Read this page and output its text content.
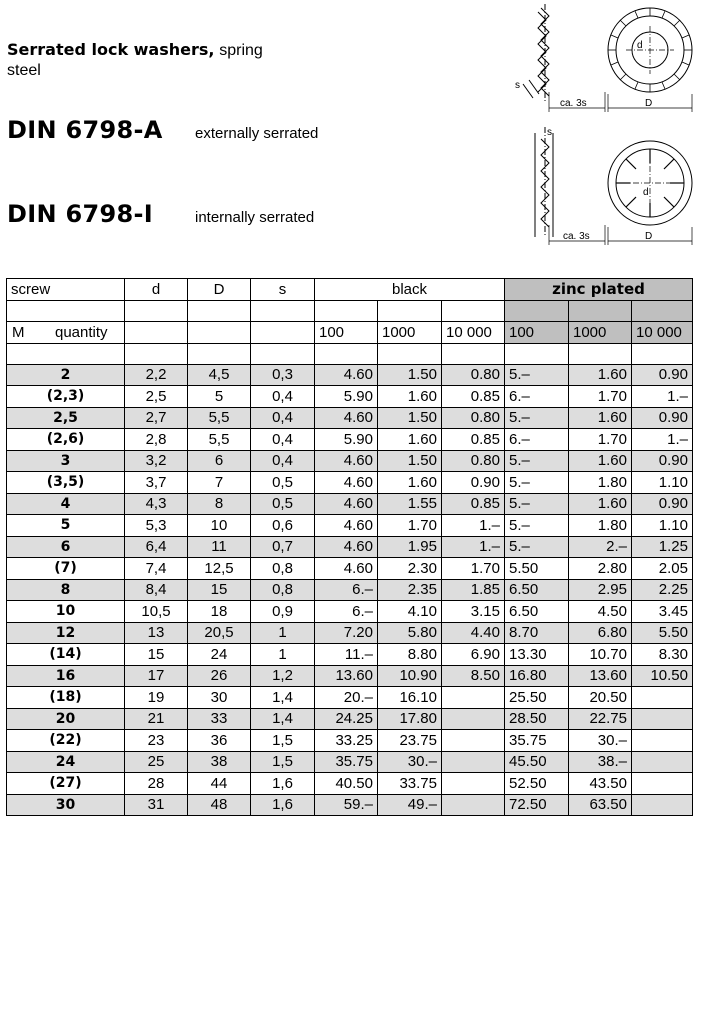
Serrated lock washers, spring
steel
DIN 6798-A externally serrated
DIN 6798-I	internally serrated
s
ca. 3s	D
d
s
ca. 3s	D
d
screw	d	D	s	black			zinc plated		

M quantity				100	1000	10 000	100	1000	10 000

2	2,2	4,5	0,3	4.60	1.50	0.80	5.–	1.60	0.90
(2,3)	2,5	5	0,4	5.90	1.60	0.85	6.–	1.70	1.–
2,5	2,7	5,5	0,4	4.60	1.50	0.80	5.–	1.60	0.90
(2,6)	2,8	5,5	0,4	5.90	1.60	0.85	6.–	1.70	1.–
3	3,2	6	0,4	4.60	1.50	0.80	5.–	1.60	0.90
(3,5)	3,7	7	0,5	4.60	1.60	0.90	5.–	1.80	1.10
4	4,3	8	0,5	4.60	1.55	0.85	5.–	1.60	0.90
5	5,3	10	0,6	4.60	1.70	1.–	5.–	1.80	1.10
6	6,4	11	0,7	4.60	1.95	1.–	5.–	2.–	1.25
(7)	7,4	12,5	0,8	4.60	2.30	1.70	5.50	2.80	2.05
8	8,4	15	0,8	6.–	2.35	1.85	6.50	2.95	2.25
10	10,5	18	0,9	6.–	4.10	3.15	6.50	4.50	3.45
12	13	20,5	1	7.20	5.80	4.40	8.70	6.80	5.50
(14)	15	24	1	11.–	8.80	6.90	13.30	10.70	8.30
16	17	26	1,2	13.60	10.90	8.50	16.80	13.60	10.50
(18)	19	30	1,4	20.–	16.10		25.50	20.50	
20	21	33	1,4	24.25	17.80		28.50	22.75	
(22)	23	36	1,5	33.25	23.75		35.75	30.–	
24	25	38	1,5	35.75	30.–		45.50	38.–	
(27)	28	44	1,6	40.50	33.75		52.50	43.50	
30	31	48	1,6	59.–	49.–		72.50	63.50	
